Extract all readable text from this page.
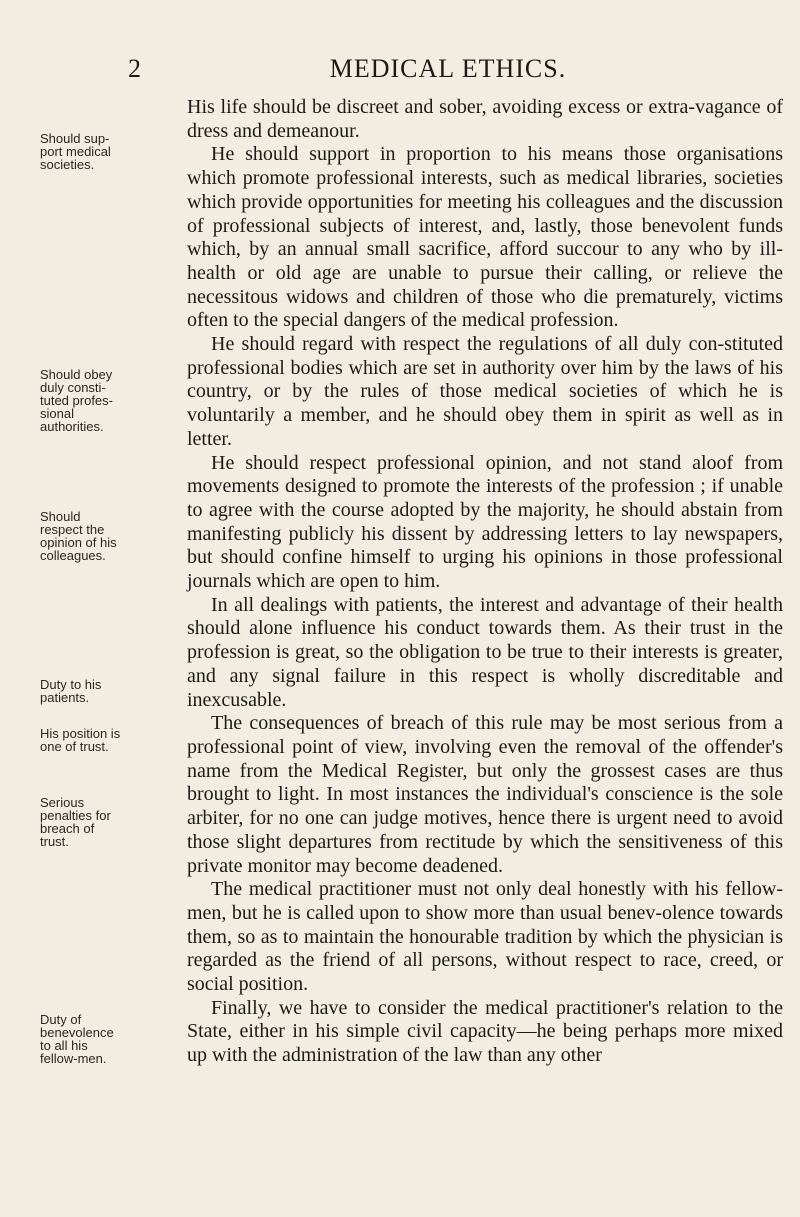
2	MEDICAL ETHICS.
Should sup-
port medical
societies.
Should obey
duly consti-
tuted profes-
sional
authorities.
Should
respect the
opinion of his
colleagues.
Duty to his
patients.
His position is
one of trust.
Serious
penalties for
breach of
trust.
Duty of
benevolence
to all his
fellow-men.

His life should be discreet and sober, avoiding excess or extra-vagance of dress and demeanour.

He should support in proportion to his means those organisations which promote professional interests, such as medical libraries, societies which provide opportunities for meeting his colleagues and the discussion of professional subjects of interest, and, lastly, those benevolent funds which, by an annual small sacrifice, afford succour to any who by ill-health or old age are unable to pursue their calling, or relieve the necessitous widows and children of those who die prematurely, victims often to the special dangers of the medical profession.

He should regard with respect the regulations of all duly con-stituted professional bodies which are set in authority over him by the laws of his country, or by the rules of those medical societies of which he is voluntarily a member, and he should obey them in spirit as well as in letter.

He should respect professional opinion, and not stand aloof from movements designed to promote the interests of the profession ; if unable to agree with the course adopted by the majority, he should abstain from manifesting publicly his dissent by addressing letters to lay newspapers, but should confine himself to urging his opinions in those professional journals which are open to him.

In all dealings with patients, the interest and advantage of their health should alone influence his conduct towards them. As their trust in the profession is great, so the obligation to be true to their interests is greater, and any signal failure in this respect is wholly discreditable and inexcusable.

The consequences of breach of this rule may be most serious from a professional point of view, involving even the removal of the offender's name from the Medical Register, but only the grossest cases are thus brought to light. In most instances the individual's conscience is the sole arbiter, for no one can judge motives, hence there is urgent need to avoid those slight departures from rectitude by which the sensitiveness of this private monitor may become deadened.

The medical practitioner must not only deal honestly with his fellow-men, but he is called upon to show more than usual benev-olence towards them, so as to maintain the honourable tradition by which the physician is regarded as the friend of all persons, without respect to race, creed, or social position.

Finally, we have to consider the medical practitioner's relation to the State, either in his simple civil capacity—he being perhaps more mixed up with the administration of the law than any other
